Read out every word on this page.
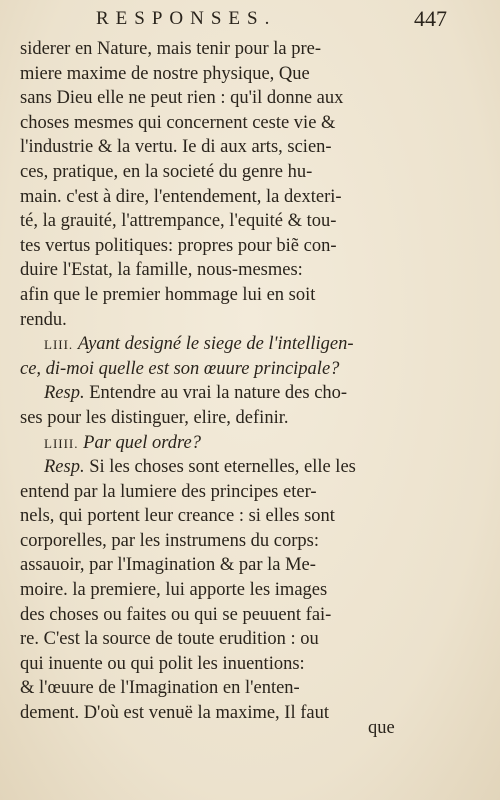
RESPONSES.	447
siderer en Nature, mais tenir pour la pre-
miere maxime de nostre physique, Que
sans Dieu elle ne peut rien : qu'il donne aux
choses mesmes qui concernent ceste vie &
l'industrie & la vertu. Ie di aux arts, scien-
ces, pratique, en la societé du genre hu-
main. c'est à dire, l'entendement, la dexteri-
té, la grauité, l'attrempance, l'equité & tou-
tes vertus politiques: propres pour biẽ con-
duire l'Estat, la famille, nous-mesmes:
afin que le premier hommage lui en soit
rendu.
LIII. Ayant designé le siege de l'intelligen-
ce, di-moi quelle est son œuure principale?
Resp. Entendre au vrai la nature des cho-
ses pour les distinguer, elire, definir.
LIIII. Par quel ordre?
Resp. Si les choses sont eternelles, elle les
entend par la lumiere des principes eter-
nels, qui portent leur creance : si elles sont
corporelles, par les instrumens du corps:
assauoir, par l'Imagination & par la Me-
moire. la premiere, lui apporte les images
des choses ou faites ou qui se peuuent fai-
re. C'est la source de toute erudition : ou
qui inuente ou qui polit les inuentions:
& l'œuure de l'Imagination en l'enten-
dement. D'où est venuë la maxime, Il faut
que
